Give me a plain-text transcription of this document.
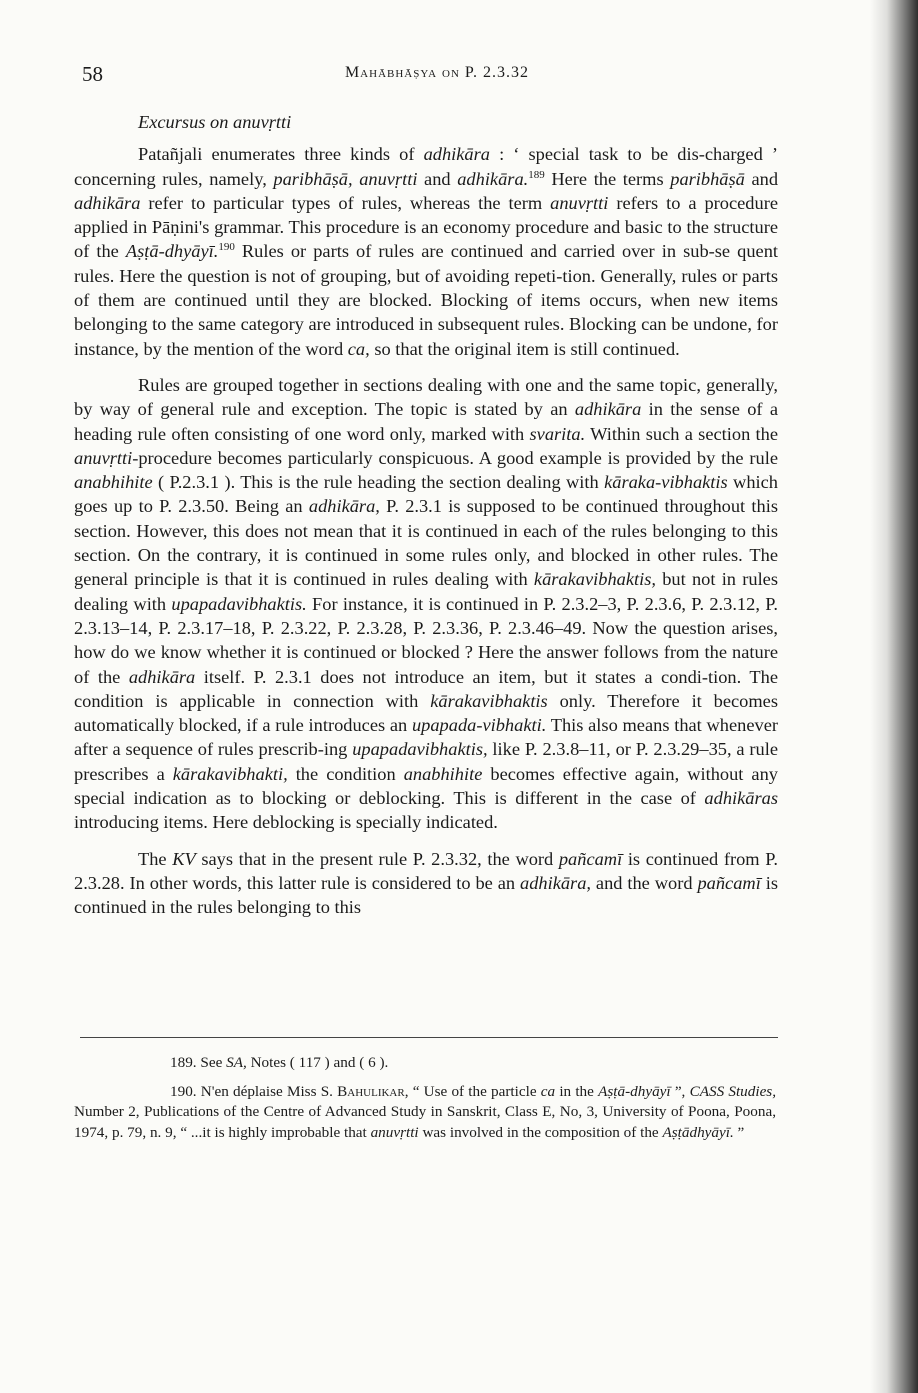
58	Mahābhāṣya on P. 2.3.32
Excursus on anuvṛtti

Patañjali enumerates three kinds of adhikāra : ‘ special task to be dis-charged ’ concerning rules, namely, paribhāṣā, anuvṛtti and adhikāra.$^{189}$ Here the terms paribhāṣā and adhikāra refer to particular types of rules, whereas the term anuvṛtti refers to a procedure applied in Pāṇini's grammar. This procedure is an economy procedure and basic to the structure of the Aṣṭā-dhyāyī.$^{190}$ Rules or parts of rules are continued and carried over in sub-se quent rules. Here the question is not of grouping, but of avoiding repeti-tion. Generally, rules or parts of them are continued until they are blocked. Blocking of items occurs, when new items belonging to the same category are introduced in subsequent rules. Blocking can be undone, for instance, by the mention of the word ca, so that the original item is still continued.

Rules are grouped together in sections dealing with one and the same topic, generally, by way of general rule and exception. The topic is stated by an adhikāra in the sense of a heading rule often consisting of one word only, marked with svarita. Within such a section the anuvṛtti-procedure becomes particularly conspicuous. A good example is provided by the rule anabhihite ( P.2.3.1 ). This is the rule heading the section dealing with kāraka-vibhaktis which goes up to P. 2.3.50. Being an adhikāra, P. 2.3.1 is supposed to be continued throughout this section. However, this does not mean that it is continued in each of the rules belonging to this section. On the contrary, it is continued in some rules only, and blocked in other rules. The general principle is that it is continued in rules dealing with kārakavibhaktis, but not in rules dealing with upapadavibhaktis. For instance, it is continued in P. 2.3.2–3, P. 2.3.6, P. 2.3.12, P. 2.3.13–14, P. 2.3.17–18, P. 2.3.22, P. 2.3.28, P. 2.3.36, P. 2.3.46–49. Now the question arises, how do we know whether it is continued or blocked ? Here the answer follows from the nature of the adhikāra itself. P. 2.3.1 does not introduce an item, but it states a condi-tion. The condition is applicable in connection with kārakavibhaktis only. Therefore it becomes automatically blocked, if a rule introduces an upapada-vibhakti. This also means that whenever after a sequence of rules prescrib-ing upapadavibhaktis, like P. 2.3.8–11, or P. 2.3.29–35, a rule prescribes a kārakavibhakti, the condition anabhihite becomes effective again, without any special indication as to blocking or deblocking. This is different in the case of adhikāras introducing items. Here deblocking is specially indicated.

The KV says that in the present rule P. 2.3.32, the word pañcamī is continued from P. 2.3.28. In other words, this latter rule is considered to be an adhikāra, and the word pañcamī is continued in the rules belonging to this

189. See SA, Notes ( 117 ) and ( 6 ).
190. N'en déplaise Miss S. Bahulikar, “ Use of the particle ca in the Aṣṭā-dhyāyī ”, CASS Studies, Number 2, Publications of the Centre of Advanced Study in Sanskrit, Class E, No, 3, University of Poona, Poona, 1974, p. 79, n. 9, “ ...it is highly improbable that anuvṛtti was involved in the composition of the Aṣṭādhyāyī. ”
